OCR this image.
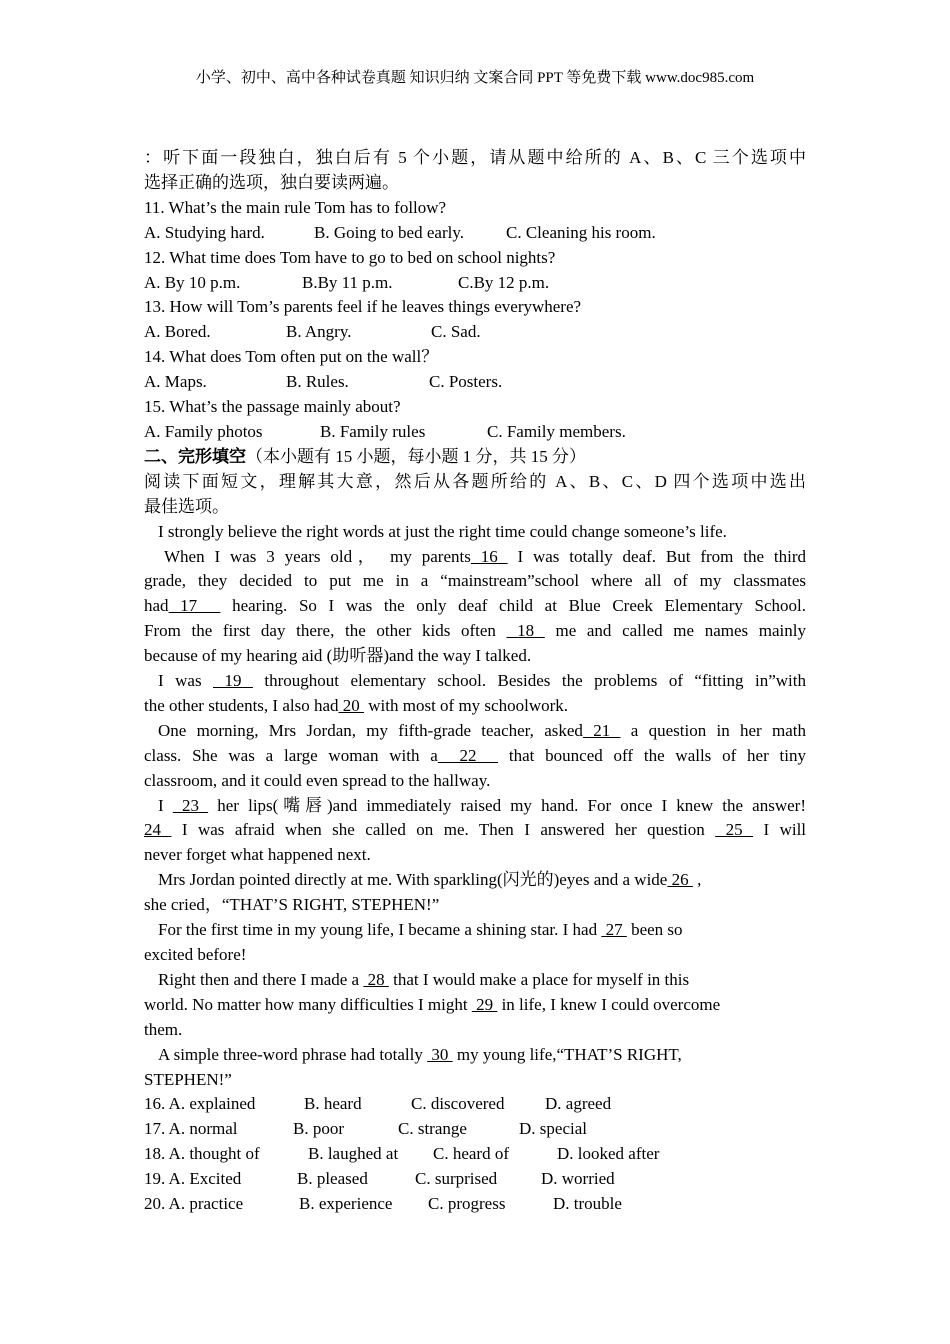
小学、初中、高中各种试卷真题 知识归纳 文案合同 PPT 等免费下载 www.doc985.com
：听下面一段独白，独白后有 5 个小题，请从题中给所的 A、B、C 三个选项中
选择正确的选项，独白要读两遍。
11. What’s the main rule Tom has to follow?
A. Studying hard.	B. Going to bed early. C. Cleaning his room.
12. What time does Tom have to go to bed on school nights?
A. By 10 p.m.	B.By 11 p.m.	C.By 12 p.m.
13. How will Tom’s parents feel if he leaves things everywhere?
A. Bored.	B. Angry.	C. Sad.
14. What does Tom often put on the wall？
A. Maps.	B. Rules.	C. Posters.
15. What’s the passage mainly about?
A. Family photos	B. Family rules	C. Family members.
二、完形填空（本小题有 15 小题，每小题 1 分，共 15 分）
阅读下面短文，理解其大意，然后从各题所给的 A、B、C、D 四个选项中选出
最佳选项。
I strongly believe the right words at just the right time could change someone’s life.
When I was 3 years old， my parents 16  I was totally deaf. But from the third
grade, they decided to put me in a “mainstream”school where all of my classmates
had 17   hearing. So I was the only deaf child at Blue Creek Elementary School.
From the first day there, the other kids often  18  me and called me names mainly
because of my hearing aid (助听器)and the way I talked.
I was  19  throughout elementary school. Besides the problems of “fitting in”with
the other students, I also had 20  with most of my schoolwork.
One morning, Mrs Jordan, my fifth-grade teacher, asked 21  a question in her math
class. She was a large woman with a  22   that bounced off the walls of her tiny
classroom, and it could even spread to the hallway.
I  23  her lips(嘴唇)and immediately raised my hand. For once I knew the answer!
24  I was afraid when she called on me. Then I answered her question  25  I will
never forget what happened next.
Mrs Jordan pointed directly at me. With sparkling(闪光的)eyes and a wide 26  ,
she cried，“THAT’S RIGHT, STEPHEN!”
For the first time in my young life, I became a shining star. I had  27  been so
excited before!
Right then and there I made a  28  that I would make a place for myself in this
world. No matter how many difficulties I might  29  in life, I knew I could overcome
them.
A simple three-word phrase had totally  30  my young life,“THAT’S RIGHT,
STEPHEN!”
16. A. explained	B. heard	C. discovered D. agreed
17. A. normal	B. poor	C. strange	D. special
18. A. thought of	B. laughed at C. heard of	D. looked after
19. A. Excited	B. pleased	C. surprised	D. worried
20. A. practice	B. experience C. progress	D. trouble
